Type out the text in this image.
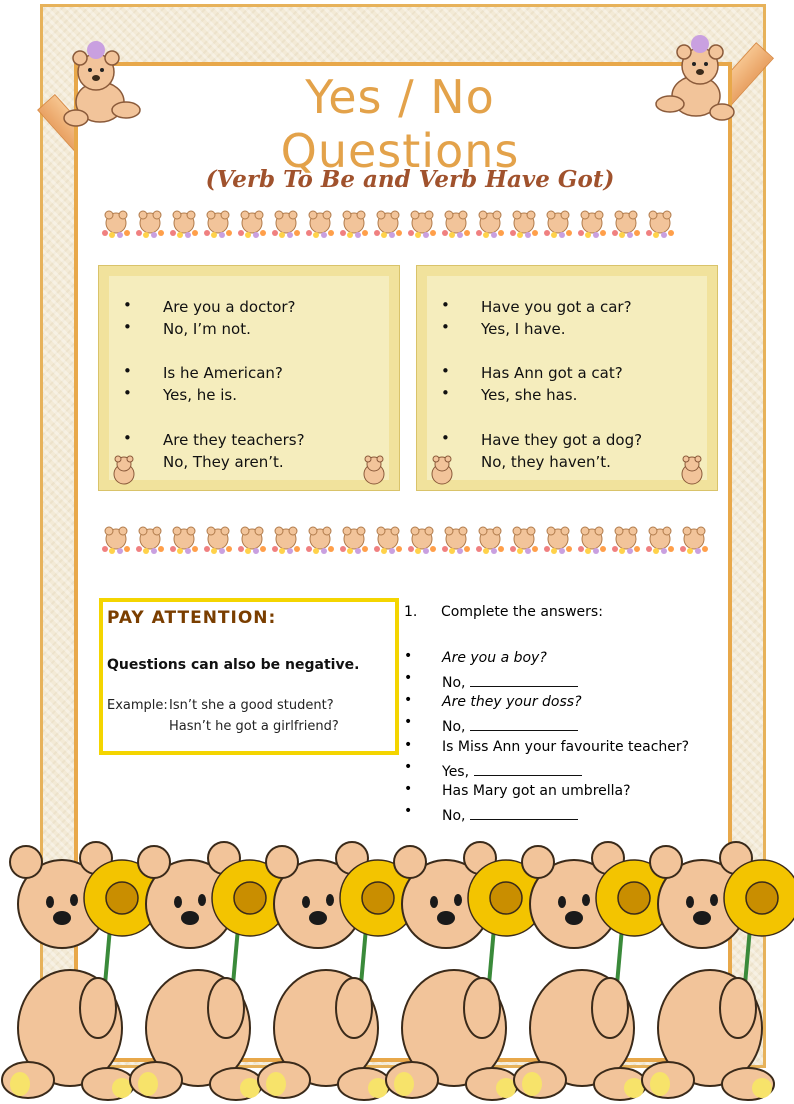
Yes / No Questions
(Verb To Be and Verb Have Got)
• Are you a doctor?
• No, I’m not.
• Is he American?
• Yes, he is.
• Are they teachers?
No, They aren’t.
• Have you got a car?
• Yes, I have.
• Has Ann got a cat?
• Yes, she has.
• Have they got a dog?
No, they haven’t.
PAY ATTENTION:
Questions can also be negative.
Example: Isn’t she a good student?
Hasn’t he got a girlfriend?
1. Complete the answers:
• Are you a boy?
• No,
• Are they your doss?
• No,
• Is Miss Ann your favourite teacher?
• Yes,
• Has Mary got an umbrella?
• No,
